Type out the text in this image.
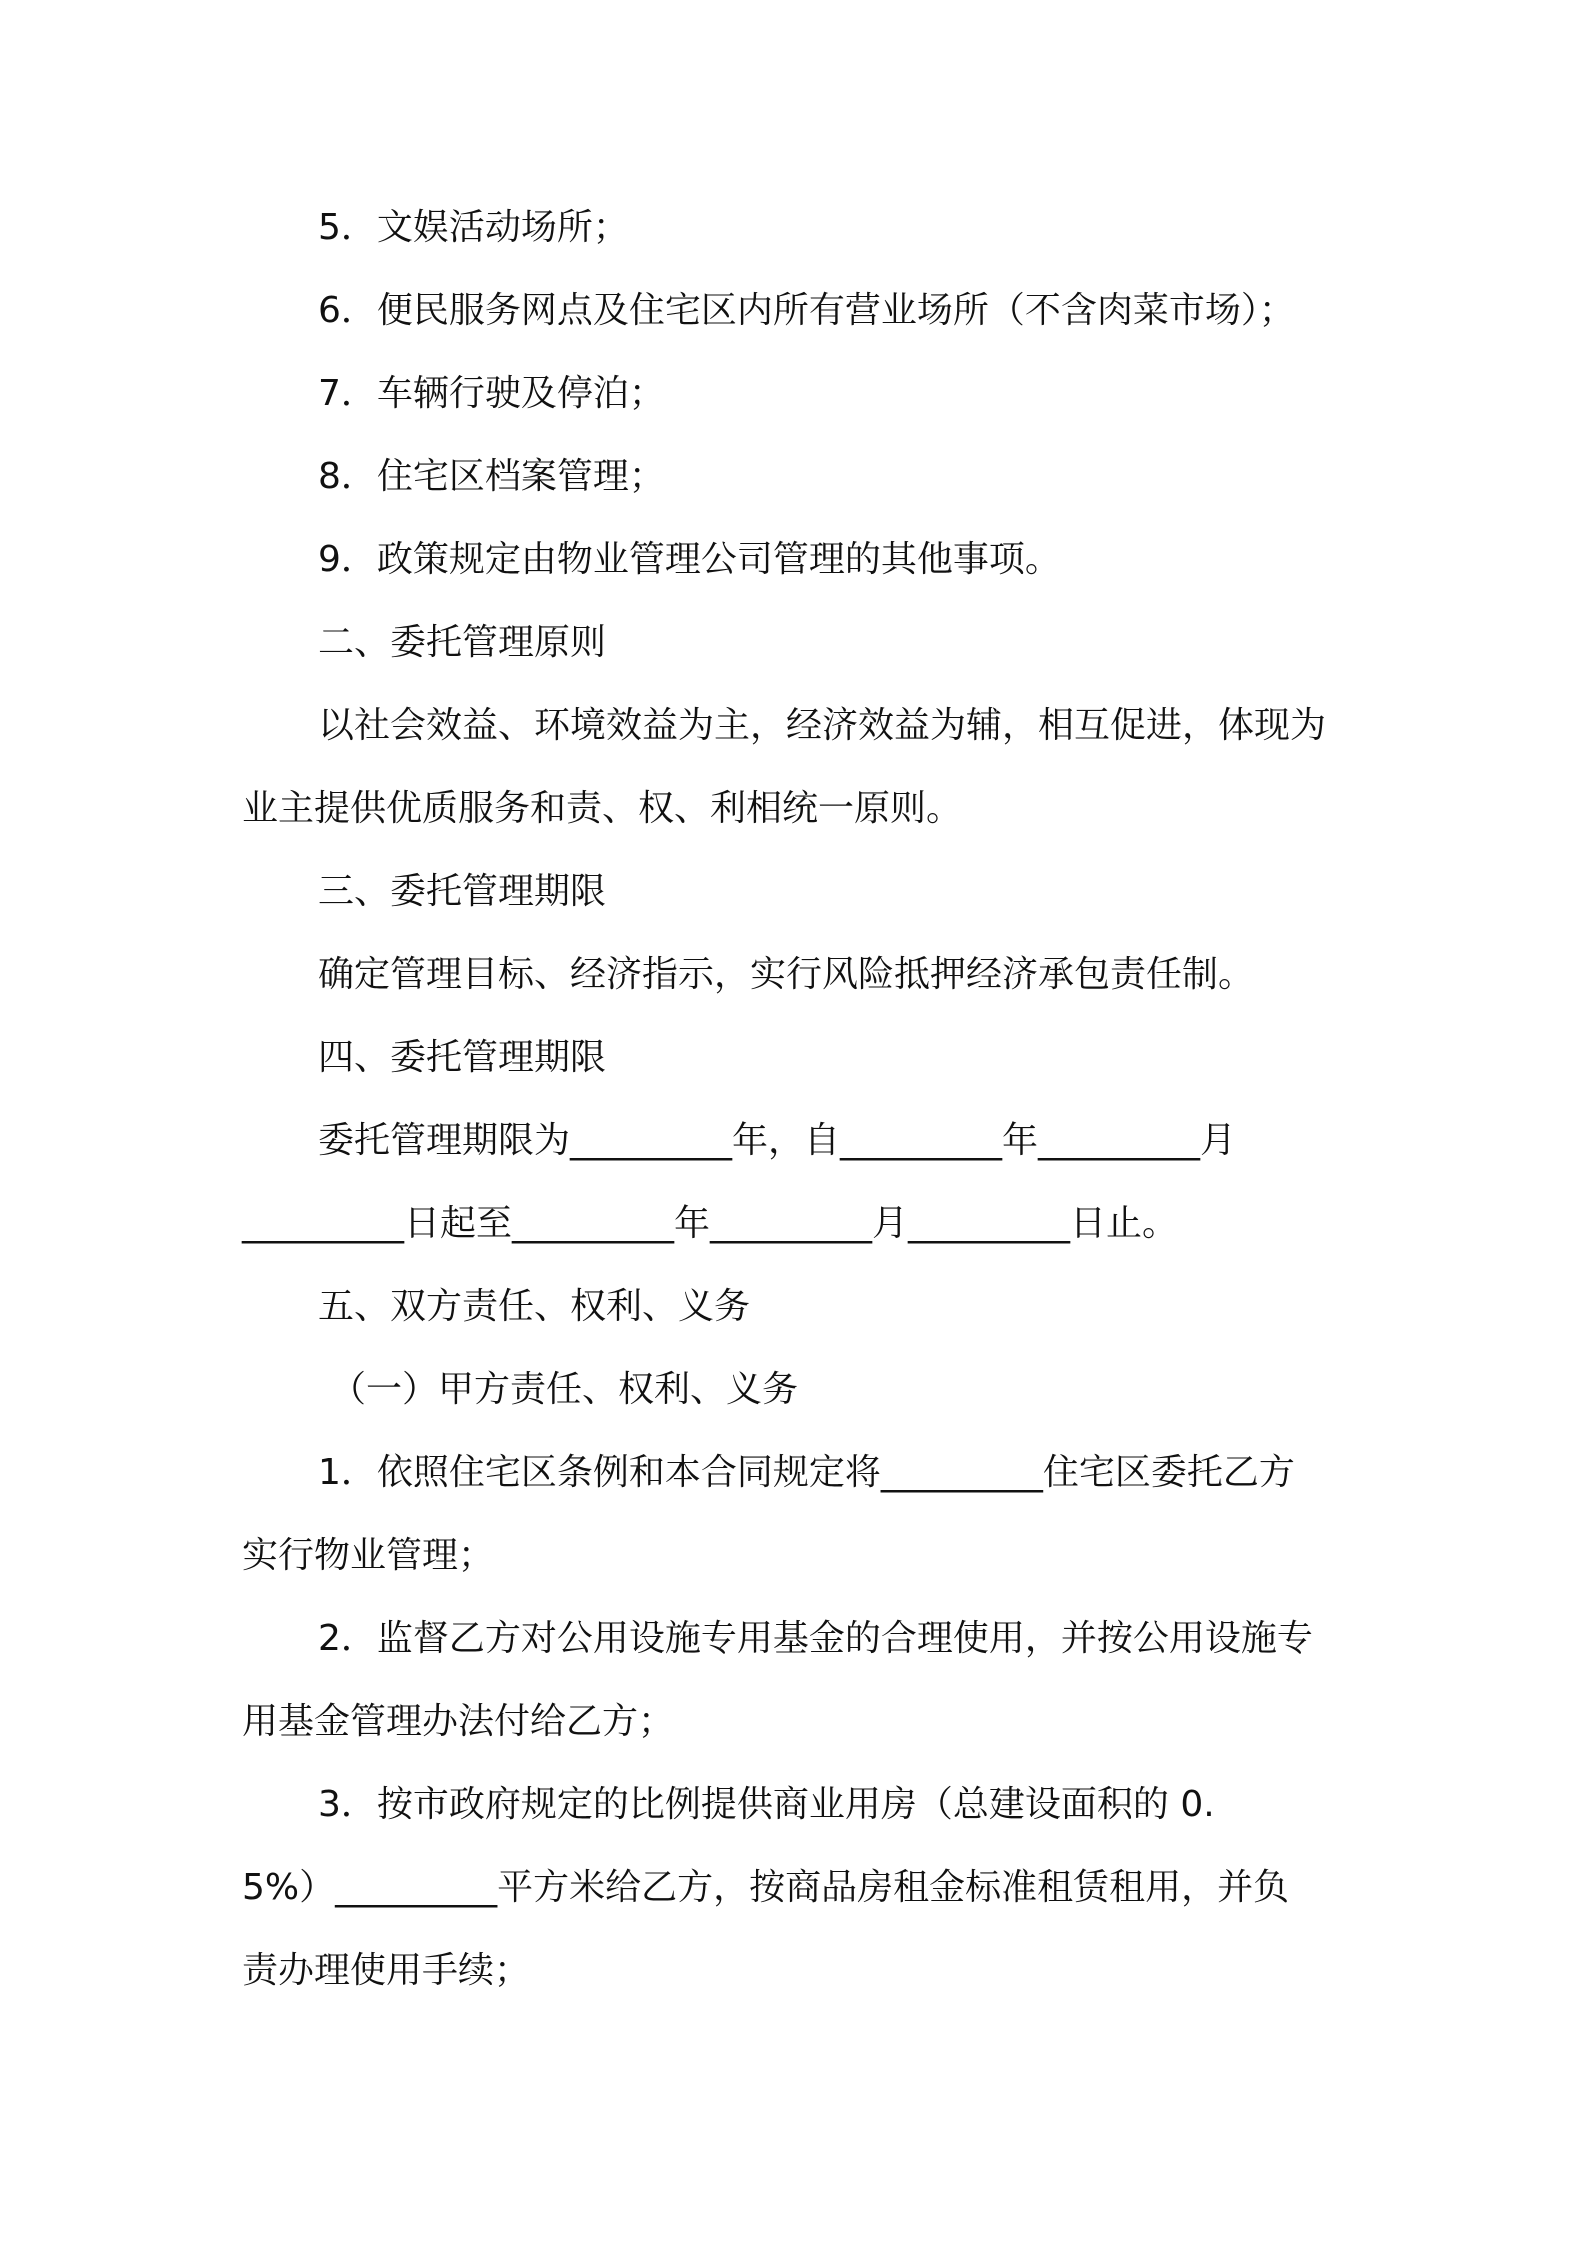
5．文娱活动场所；
6．便民服务网点及住宅区内所有营业场所（不含肉菜市场）；
7．车辆行驶及停泊；
8．住宅区档案管理；
9．政策规定由物业管理公司管理的其他事项。
二、委托管理原则
以社会效益、环境效益为主，经济效益为辅，相互促进，体现为
业主提供优质服务和责、权、利相统一原则。
三、委托管理期限
确定管理目标、经济指示，实行风险抵押经济承包责任制。
四、委托管理期限
委托管理期限为_________年，自_________年_________月
_________日起至_________年_________月_________日止。
五、双方责任、权利、义务
（一）甲方责任、权利、义务
1．依照住宅区条例和本合同规定将_________住宅区委托乙方
实行物业管理；
2．监督乙方对公用设施专用基金的合理使用，并按公用设施专
用基金管理办法付给乙方；
3．按市政府规定的比例提供商业用房（总建设面积的 0.
5%）_________平方米给乙方，按商品房租金标准租赁租用，并负
责办理使用手续；
